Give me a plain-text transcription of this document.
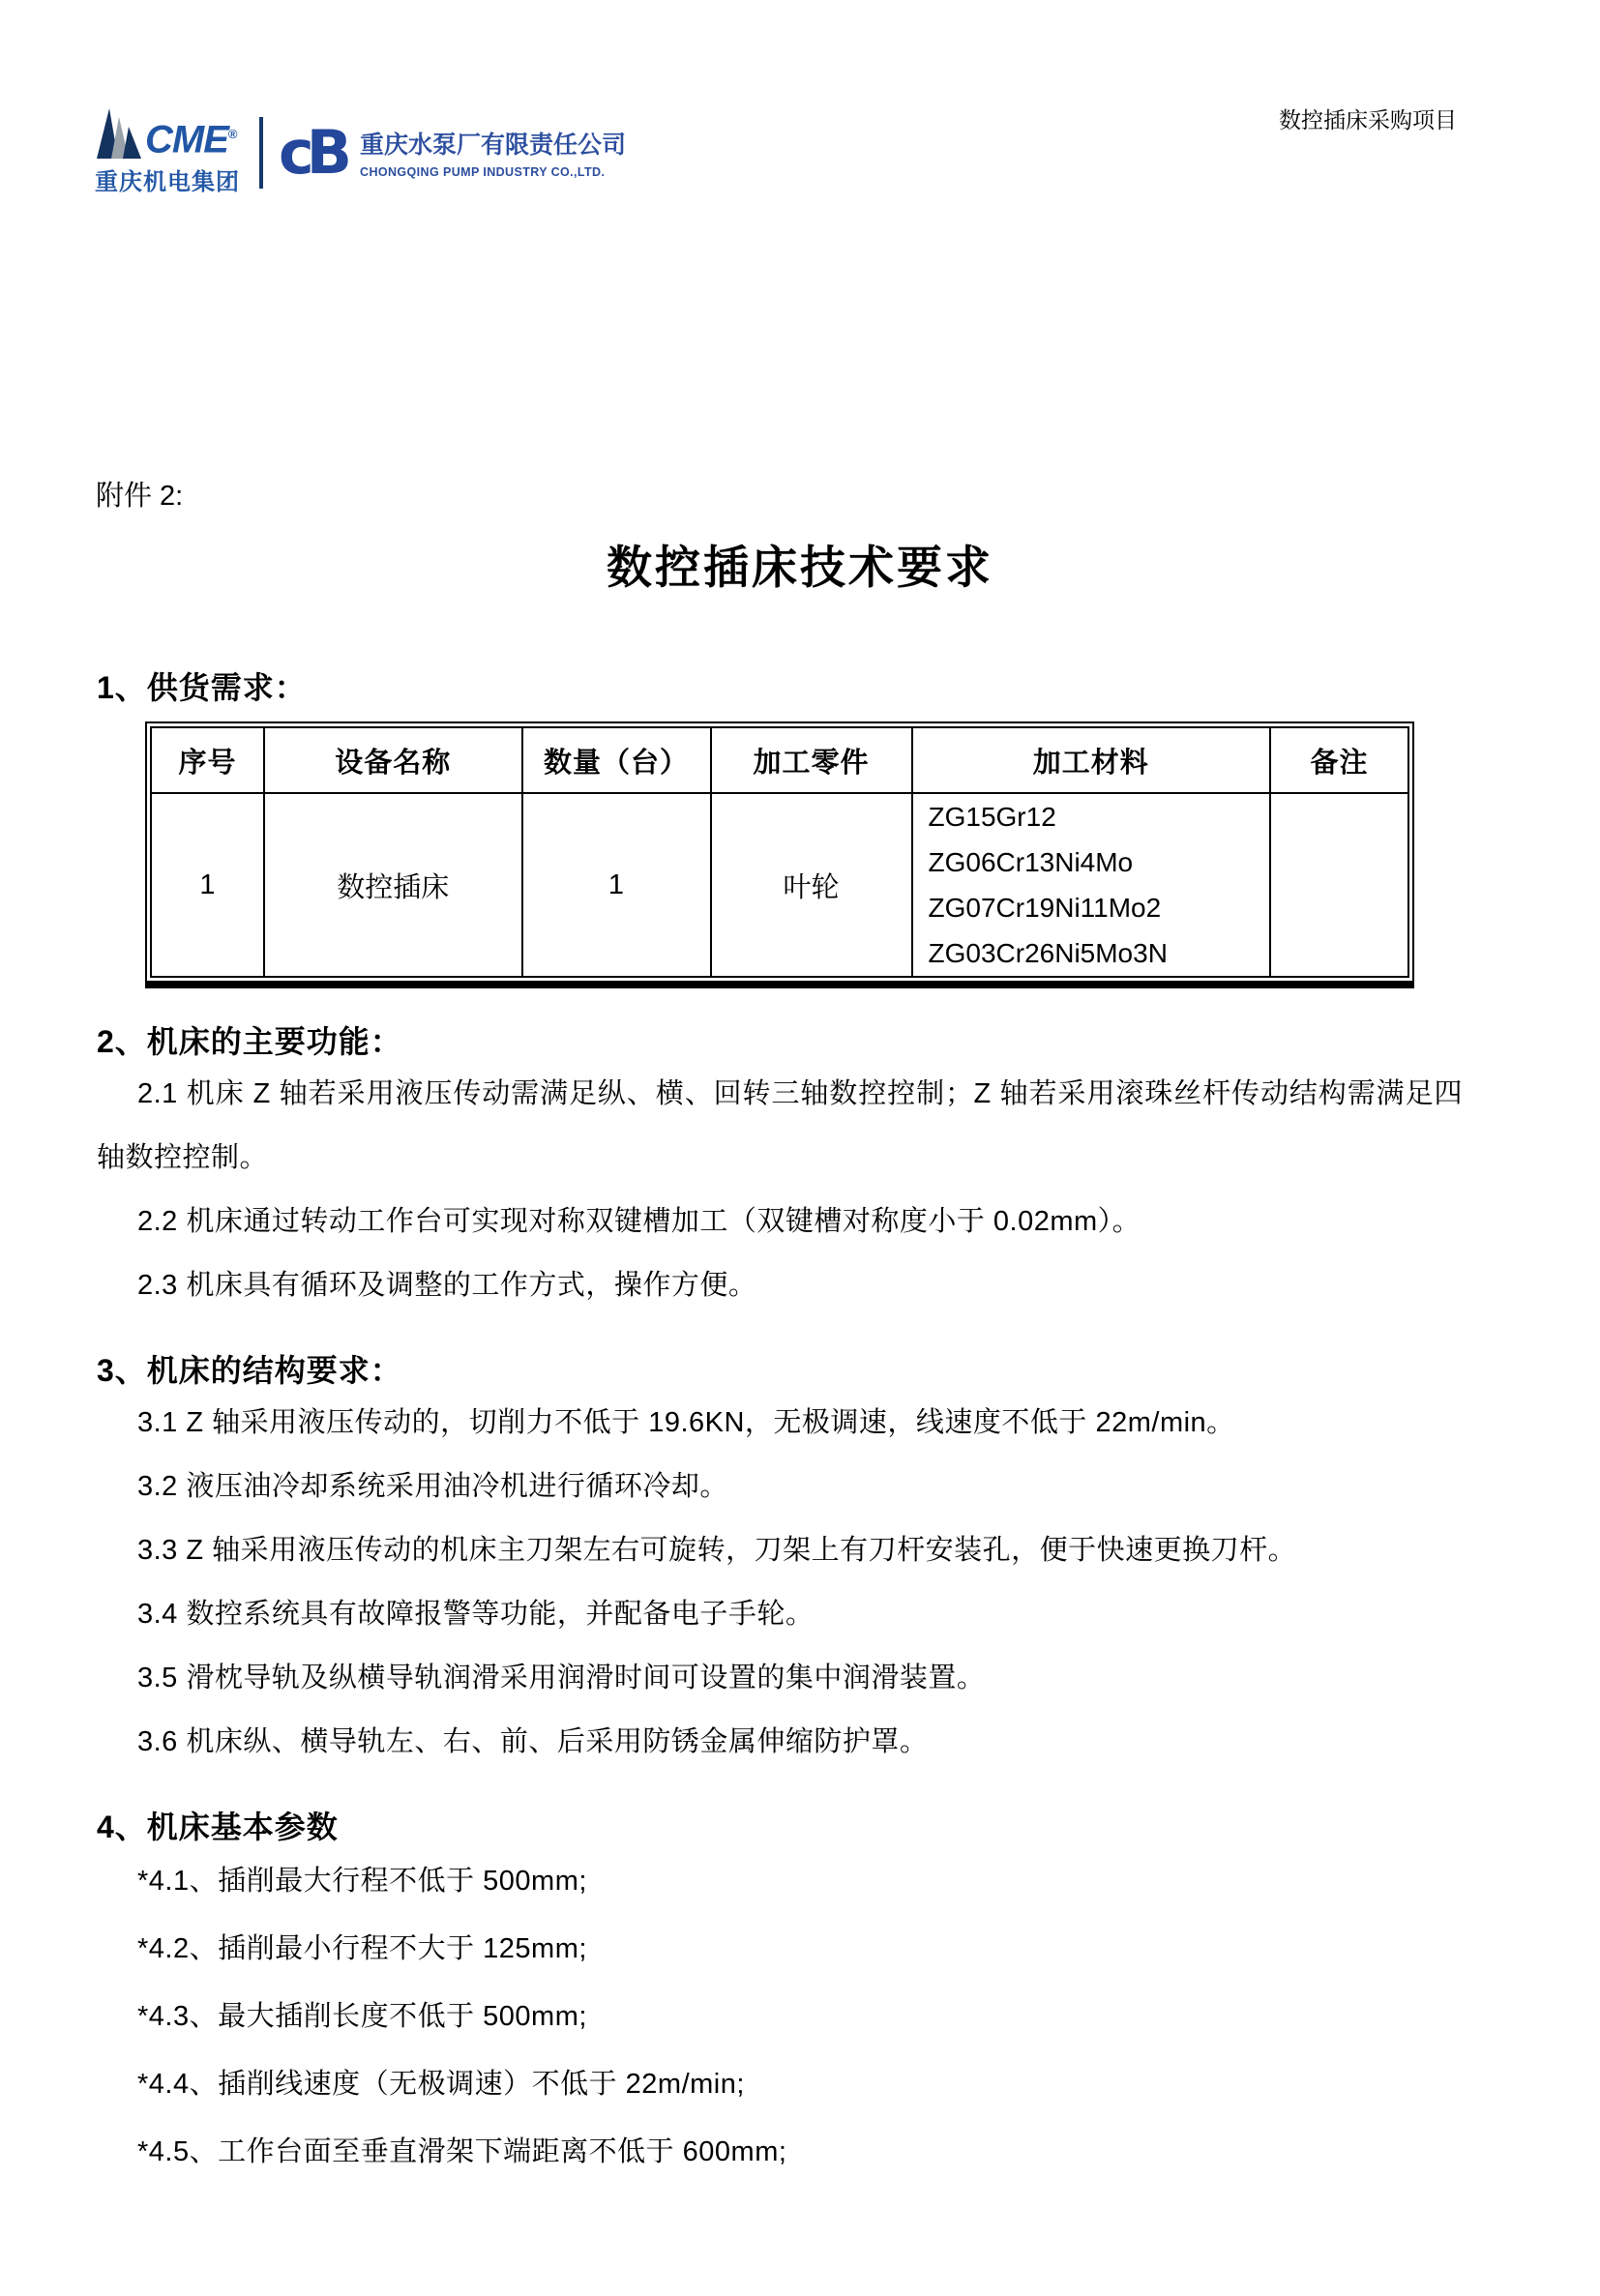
CME®
重庆机电集团 cB 重庆水泵厂有限责任公司
CHONGQING PUMP INDUSTRY CO.,LTD.
数控插床采购项目
附件 2:
数控插床技术要求
1、供货需求：
序号	设备名称	数量（台）	加工零件	加工材料	备注
1	数控插床	1	叶轮	ZG15Gr12
ZG06Cr13Ni4Mo
ZG07Cr19Ni11Mo2
ZG03Cr26Ni5Mo3N	

2、机床的主要功能：
2.1 机床 Z 轴若采用液压传动需满足纵、横、回转三轴数控控制；Z 轴若采用滚珠丝杆传动结构需满足四轴数控控制。
2.2 机床通过转动工作台可实现对称双键槽加工（双键槽对称度小于 0.02mm）。
2.3 机床具有循环及调整的工作方式，操作方便。
3、机床的结构要求：
3.1 Z 轴采用液压传动的，切削力不低于 19.6KN，无极调速，线速度不低于 22m/min。
3.2 液压油冷却系统采用油冷机进行循环冷却。
3.3 Z 轴采用液压传动的机床主刀架左右可旋转，刀架上有刀杆安装孔，便于快速更换刀杆。
3.4 数控系统具有故障报警等功能，并配备电子手轮。
3.5 滑枕导轨及纵横导轨润滑采用润滑时间可设置的集中润滑装置。
3.6 机床纵、横导轨左、右、前、后采用防锈金属伸缩防护罩。
4、机床基本参数
*4.1、插削最大行程不低于 500mm;
*4.2、插削最小行程不大于 125mm;
*4.3、最大插削长度不低于 500mm;
*4.4、插削线速度（无极调速）不低于 22m/min;
*4.5、工作台面至垂直滑架下端距离不低于 600mm;
